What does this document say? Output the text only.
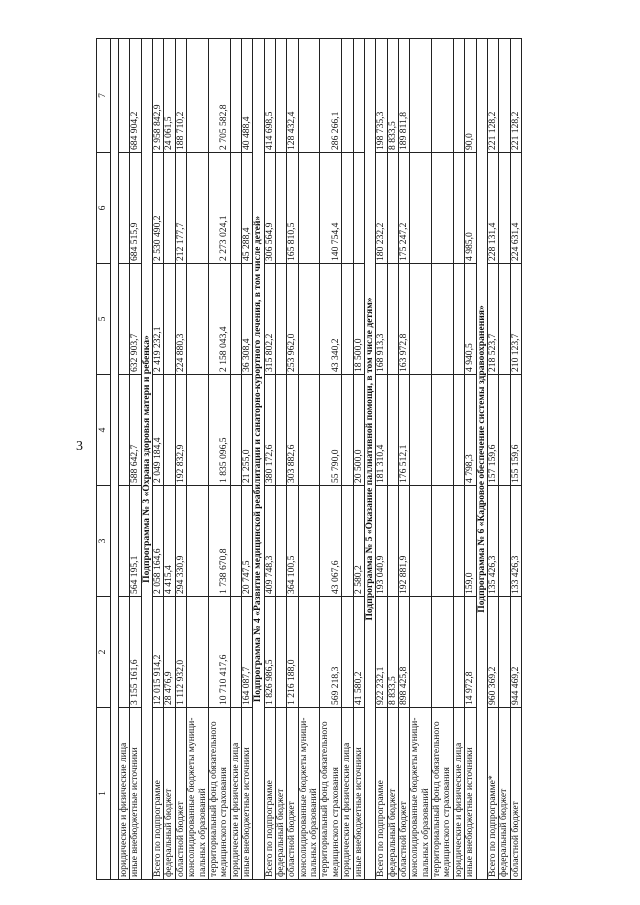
3
1	2	3	4	5	6	7

юридические и физические лица						
иные внебюджетные источники	3 155 161,6	564 195,1	588 642,7	632 903,7	684 515,9	684 904,2
Подпрограмма № 3 «Охрана здоровья матери и ребенка»						
Всего по подпрограмме	12 015 914,2	2 058 164,6	2 049 184,4	2 419 232,1	2 530 490,2	2 958 842,9
федеральный бюджет	28 476,9	4 415,4				24 061,5
областной бюджет	1 112 932,0	294 330,9	192 832,9	224 880,3	212 177,7	188 710,2
консолидированные бюджеты муници-пальных образований						
территориальный фонд обязательного медицинского страхования	10 710 417,6	1 738 670,8	1 835 096,5	2 158 043,4	2 273 024,1	2 705 582,8
юридические и физические лица						
иные внебюджетные источники	164 087,7	20 747,5	21 255,0	36 308,4	45 288,4	40 488,4
Подпрограмма № 4 «Развитие медицинской реабилитации и санаторно-курортного лечения, в том числе детей»						
Всего по подпрограмме	1 826 986,5	409 748,3	380 172,6	315 802,2	306 564,9	414 698,5
федеральный бюджет						
областной бюджет	1 216 188,0	364 100,5	303 882,6	253 962,0	165 810,5	128 432,4
консолидированные бюджеты муници-пальных образований						
территориальный фонд обязательного медицинского страхования	569 218,3	43 067,6	55 790,0	43 340,2	140 754,4	286 266,1
юридические и физические лица						
иные внебюджетные источники	41 580,2	2 580,2	20 500,0	18 500,0		
Подпрограмма № 5 «Оказание паллиативной помощи, в том числе детям»						
Всего по подпрограмме	922 232,1	193 040,9	181 310,4	168 913,3	180 232,2	198 735,3
федеральный бюджет	8 833,5					8 833,5
областной бюджет	898 425,8	192 881,9	176 512,1	163 972,8	175 247,2	189 811,8
консолидированные бюджеты муници-пальных образований						
территориальный фонд обязательного медицинского страхования						
юридические и физические лица						
иные внебюджетные источники	14 972,8	159,0	4 798,3	4 940,5	4 985,0	90,0
Подпрограмма № 6 «Кадровое обеспечение системы здравоохранения»						
Всего по подпрограмме*	960 369,2	135 426,3	157 159,6	218 523,7	228 131,4	221 128,2
федеральный бюджет						
областной бюджет	944 469,2	133 426,3	155 159,6	210 123,7	224 631,4	221 128,2
